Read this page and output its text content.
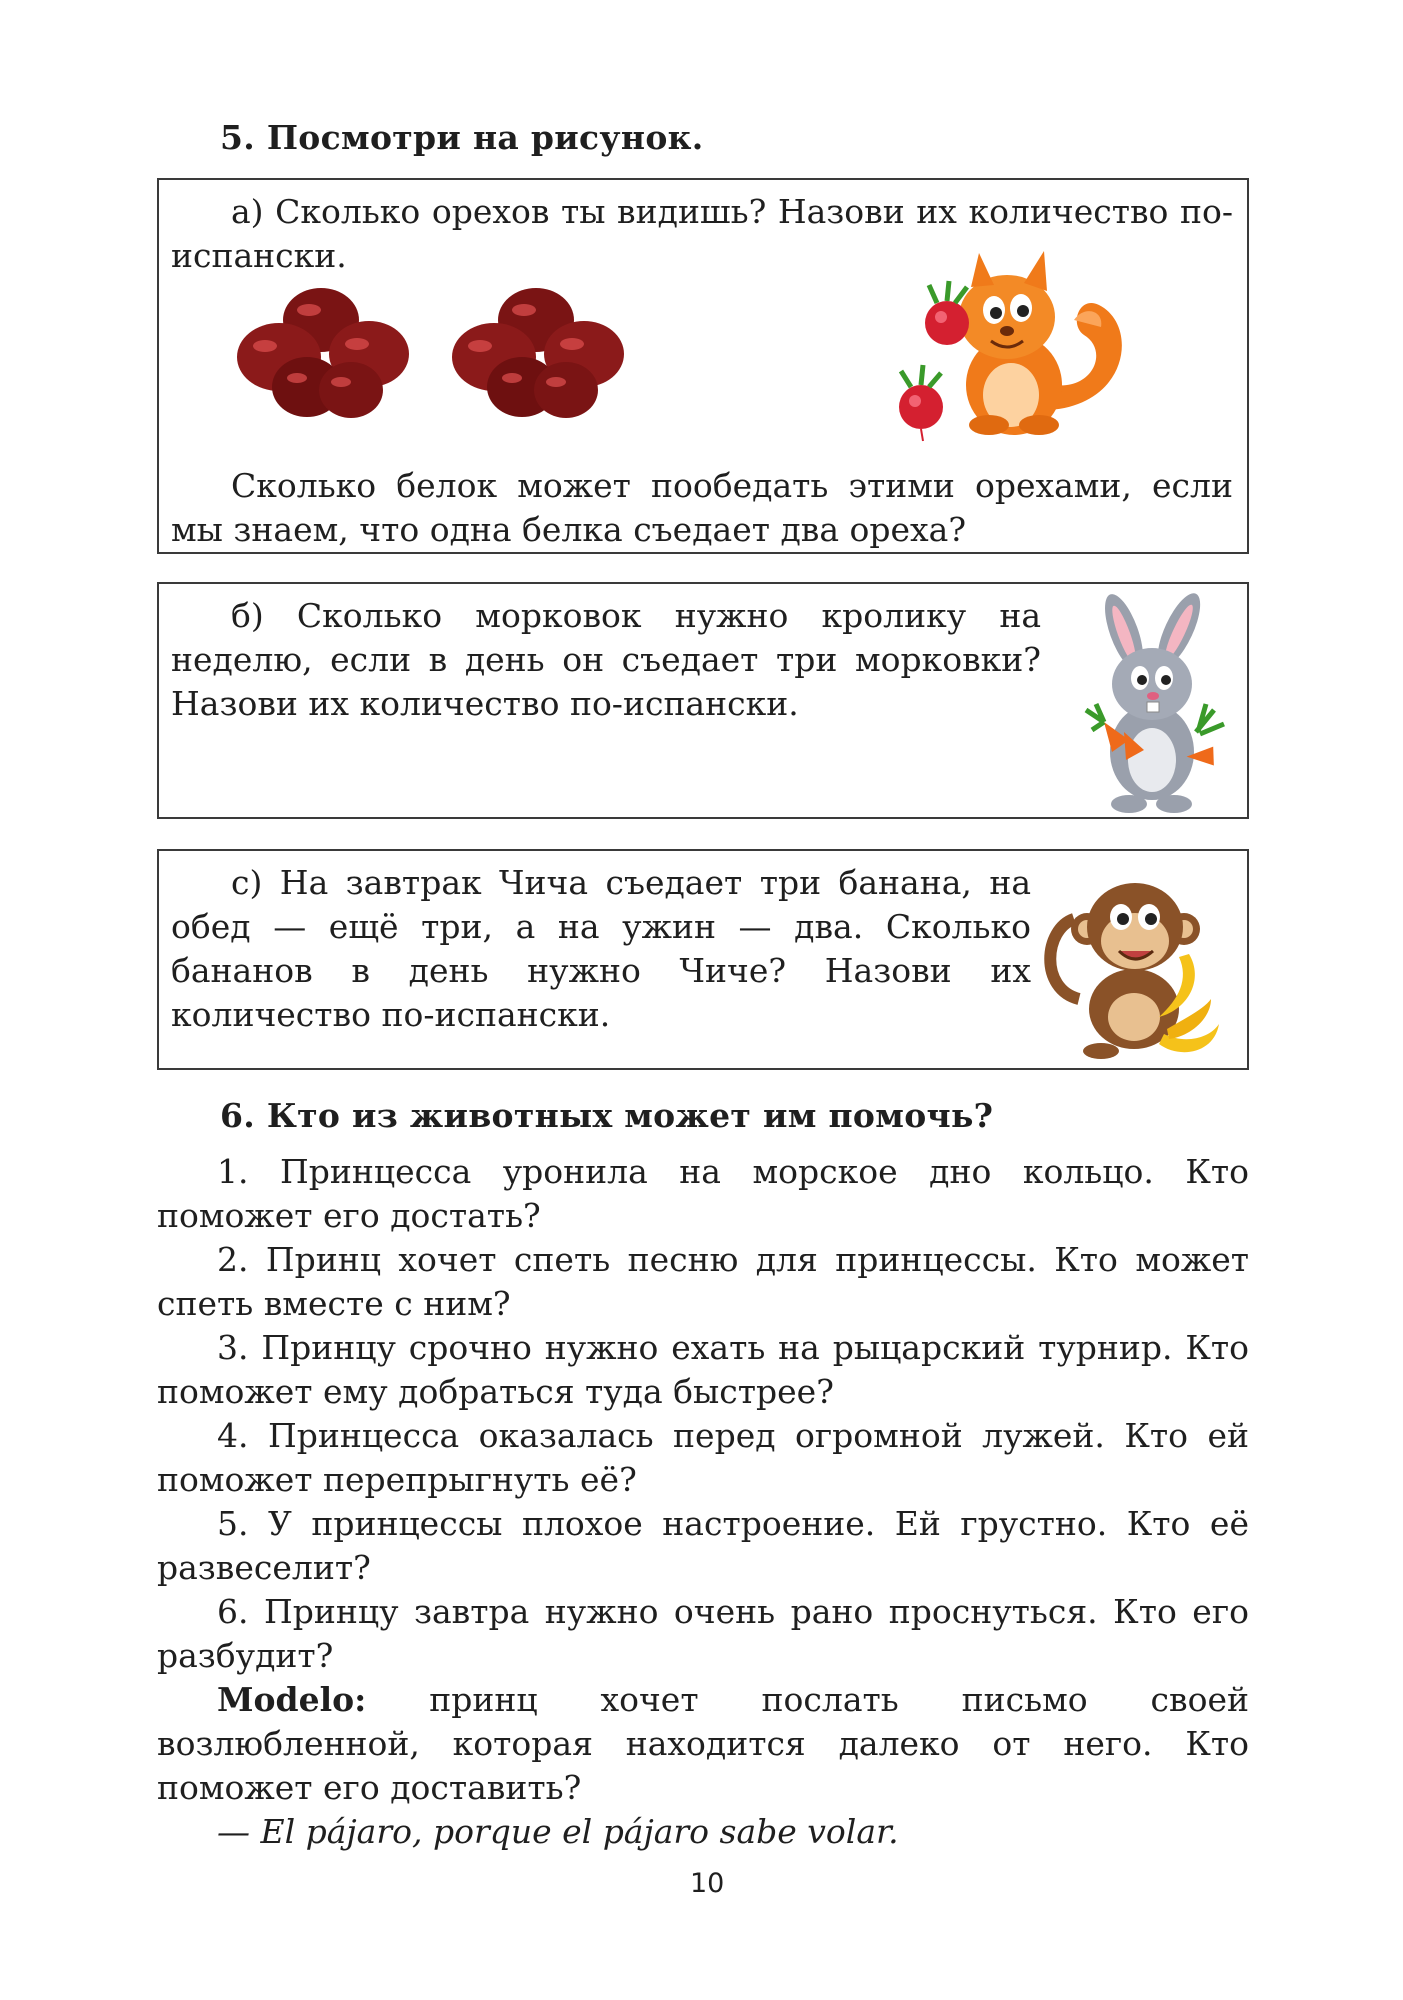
5. Посмотри на рисунок.
а) Сколько орехов ты видишь? Назови их количество по-испански.
Сколько белок может пообедать этими орехами, если мы знаем, что одна белка съедает два ореха?
б) Сколько морковок нужно кролику на неделю, если в день он съедает три морковки? Назови их количество по-испански.
с) На завтрак Чича съедает три банана, на обед — ещё три, а на ужин — два. Сколько бананов в день нужно Чиче? Назови их количество по-испански.
6. Кто из животных может им помочь?

1. Принцесса уронила на морское дно кольцо. Кто поможет его достать?

2. Принц хочет спеть песню для принцессы. Кто может спеть вместе с ним?

3. Принцу срочно нужно ехать на рыцарский турнир. Кто поможет ему добраться туда быстрее?

4. Принцесса оказалась перед огромной лужей. Кто ей поможет перепрыгнуть её?

5. У принцессы плохое настроение. Ей грустно. Кто её развеселит?

6. Принцу завтра нужно очень рано проснуться. Кто его разбудит?

Modelo: принц хочет послать письмо своей возлюбленной, которая находится далеко от него. Кто поможет его доставить?

— El pájaro, porque el pájaro sabe volar.

10
